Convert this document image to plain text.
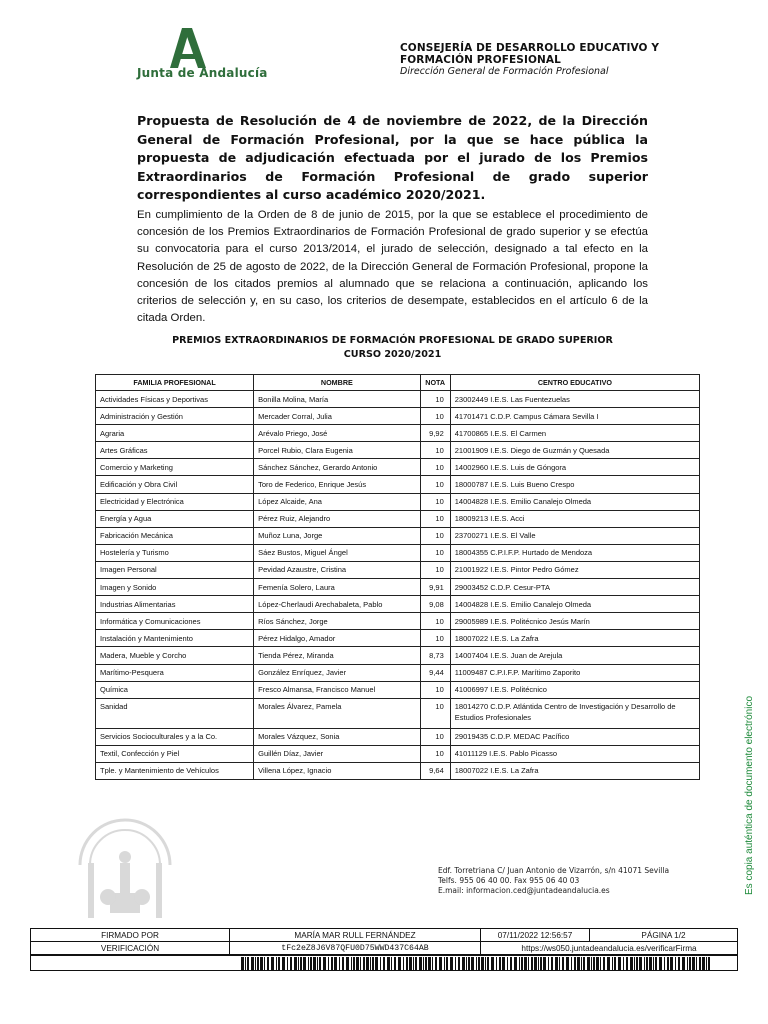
Junta de Andalucía
CONSEJERÍA DE DESARROLLO EDUCATIVO Y
FORMACIÓN PROFESIONAL
Dirección General de Formación Profesional
Propuesta de Resolución de 4 de noviembre de 2022, de la Dirección General de Formación Profesional, por la que se hace pública la propuesta de adjudicación efectuada por el jurado de los Premios Extraordinarios de Formación Profesional de grado superior correspondientes al curso académico 2020/2021.
En cumplimiento de la Orden de 8 de junio de 2015, por la que se establece el procedimiento de concesión de los Premios Extraordinarios de Formación Profesional de grado superior y se efectúa su convocatoria para el curso 2013/2014, el jurado de selección, designado a tal efecto en la Resolución de 25 de agosto de 2022, de la Dirección General de Formación Profesional, propone la concesión de los citados premios al alumnado que se relaciona a continuación, aplicando los criterios de selección y, en su caso, los criterios de desempate, establecidos en el artículo 6 de la citada Orden.
PREMIOS EXTRAORDINARIOS DE FORMACIÓN PROFESIONAL DE GRADO SUPERIOR
CURSO 2020/2021
FAMILIA PROFESIONAL	NOMBRE	NOTA	CENTRO EDUCATIVO
Actividades Físicas y Deportivas	Bonilla Molina, María	10	23002449 I.E.S. Las Fuentezuelas
Administración y Gestión	Mercader Corral, Julia	10	41701471 C.D.P. Campus Cámara Sevilla I
Agraria	Arévalo Priego, José	9,92	41700865 I.E.S. El Carmen
Artes Gráficas	Porcel Rubio, Clara Eugenia	10	21001909 I.E.S. Diego de Guzmán y Quesada
Comercio y Marketing	Sánchez Sánchez, Gerardo Antonio	10	14002960 I.E.S. Luis de Góngora
Edificación y Obra Civil	Toro de Federico, Enrique Jesús	10	18000787 I.E.S. Luis Bueno Crespo
Electricidad y Electrónica	López Alcaide, Ana	10	14004828 I.E.S. Emilio Canalejo Olmeda
Energía y Agua	Pérez Ruiz, Alejandro	10	18009213 I.E.S. Acci
Fabricación Mecánica	Muñoz Luna, Jorge	10	23700271 I.E.S. El Valle
Hostelería y Turismo	Sáez Bustos, Miguel Ángel	10	18004355 C.P.I.F.P. Hurtado de Mendoza
Imagen Personal	Pevidad Azaustre, Cristina	10	21001922 I.E.S. Pintor Pedro Gómez
Imagen y Sonido	Femenía Solero, Laura	9,91	29003452 C.D.P. Cesur-PTA
Industrias Alimentarias	López-Cherlaudi Arechabaleta, Pablo	9,08	14004828 I.E.S. Emilio Canalejo Olmeda
Informática y Comunicaciones	Ríos Sánchez, Jorge	10	29005989 I.E.S. Politécnico Jesús Marín
Instalación y Mantenimiento	Pérez Hidalgo, Amador	10	18007022 I.E.S. La Zafra
Madera, Mueble y Corcho	Tienda Pérez, Miranda	8,73	14007404 I.E.S. Juan de Arejula
Marítimo-Pesquera	González Enríquez, Javier	9,44	11009487 C.P.I.F.P. Marítimo Zaporito
Química	Fresco Almansa, Francisco Manuel	10	41006997 I.E.S. Politécnico
Sanidad	Morales Álvarez, Pamela	10	18014270 C.D.P. Atlántida Centro de Investigación y Desarrollo de Estudios Profesionales
Servicios Socioculturales y a la Co.	Morales Vázquez, Sonia	10	29019435 C.D.P. MEDAC Pacífico
Textil, Confección y Piel	Guillén Díaz, Javier	10	41011129 I.E.S. Pablo Picasso
Tple. y Mantenimiento de Vehículos	Villena López, Ignacio	9,64	18007022 I.E.S. La Zafra
Edf. Torretriana C/ Juan Antonio de Vizarrón, s/n 41071 Sevilla
Telfs. 955 06 40 00. Fax 955 06 40 03
E.mail: informacion.ced@juntadeandalucia.es	Es copia auténtica de documento electrónico
FIRMADO POR	MARÍA MAR RULL FERNÁNDEZ	07/11/2022 12:56:57	PÁGINA 1/2
VERIFICACIÓN	tFc2eZ8J6V87QFU0D75WWD437C64AB	https://ws050.juntadeandalucia.es/verificarFirma	
